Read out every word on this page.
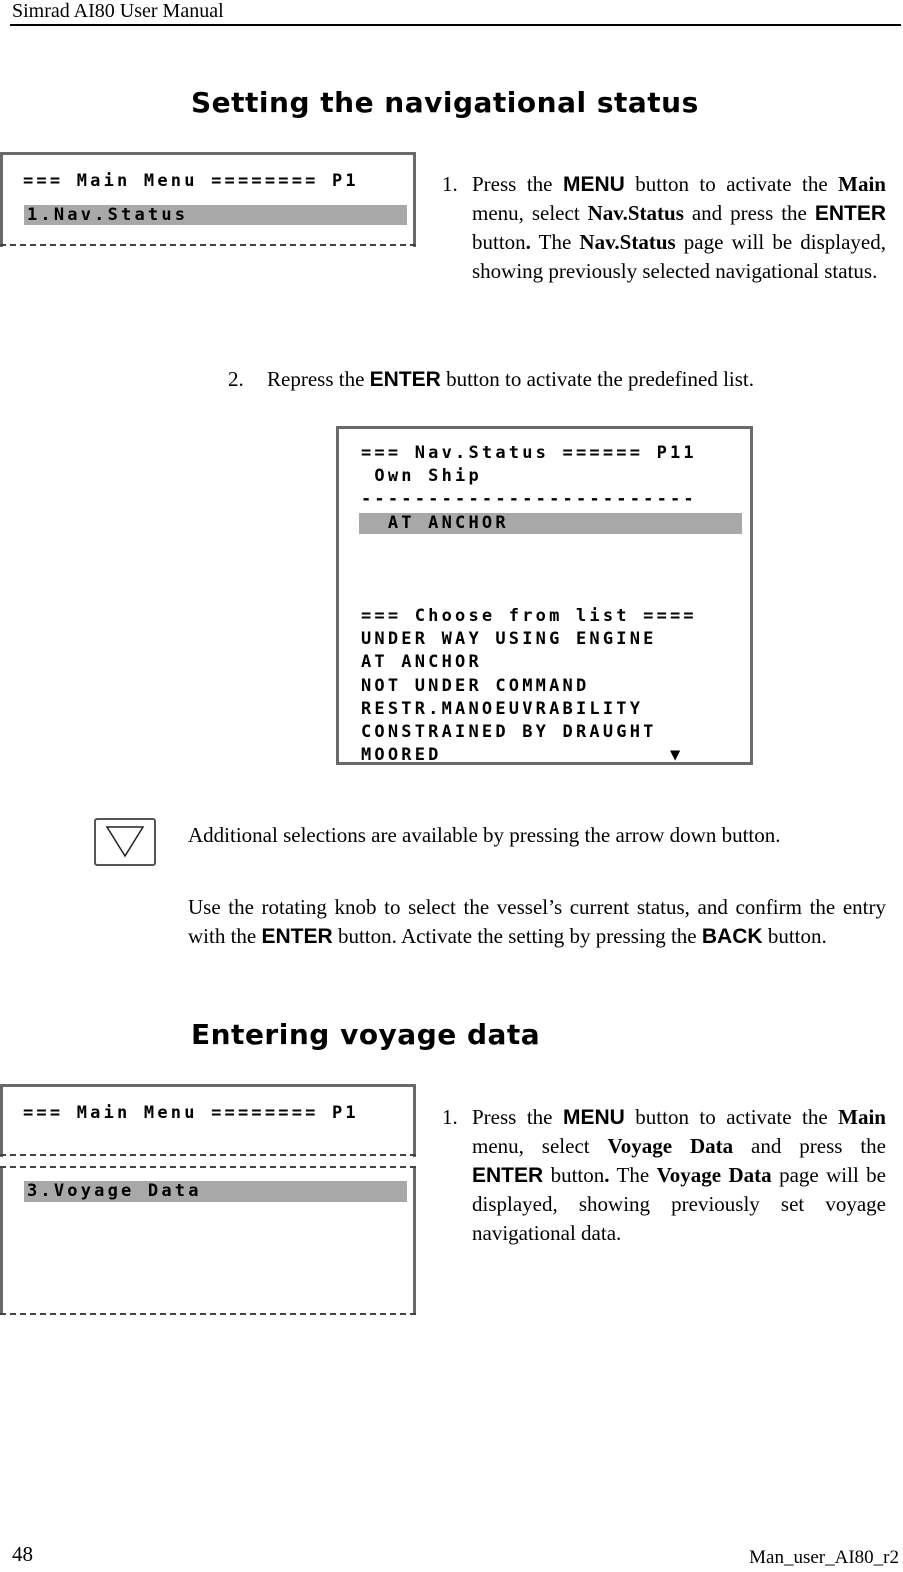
Simrad AI80 User Manual
Setting the navigational status
=== Main Menu ======== P1
1.Nav.Status
1. Press the MENU button to activate the Main menu, select Nav.Status and press the ENTER button. The Nav.Status page will be displayed, showing previously selected navigational status.
2. Repress the ENTER button to activate the predefined list.
=== Nav.Status ====== P11
Own Ship
-------------------------
AT ANCHOR
=== Choose from list ====
UNDER WAY USING ENGINE
AT ANCHOR
NOT UNDER COMMAND
RESTR.MANOEUVRABILITY
CONSTRAINED BY DRAUGHT
MOORED                 ▼
Additional selections are available by pressing the arrow down button.
Use the rotating knob to select the vessel’s current status, and confirm the entry with the ENTER button. Activate the setting by pressing the BACK button.
Entering voyage data
=== Main Menu ======== P1
3.Voyage Data
1. Press the MENU button to activate the Main menu, select Voyage Data and press the ENTER button. The Voyage Data page will be displayed, showing previously set voyage navigational data.
48	Man_user_AI80_r2
